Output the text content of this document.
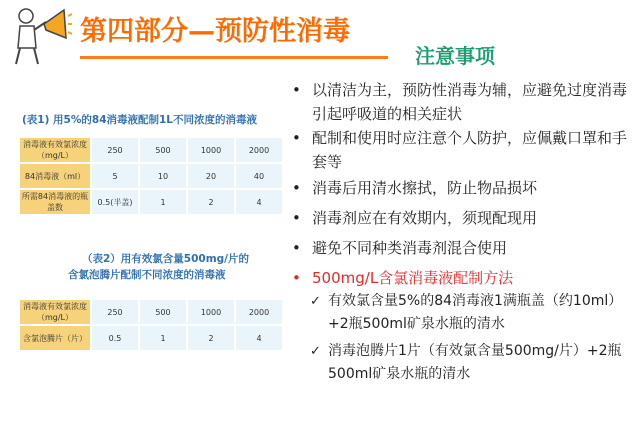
第四部分—预防性消毒
注意事项
(表1) 用5%的84消毒液配制1L不同浓度的消毒液
消毒液有效氯浓度（mg/L）	250	500	1000	2000
84消毒液（ml）	5	10	20	40
所需84消毒液的瓶盖数	0.5(半盖)	1	2	4
（表2）用有效氯含量500mg/片的
含氯泡腾片配制不同浓度的消毒液
消毒液有效氯浓度（mg/L）	250	500	1000	2000
含氯泡腾片（片）	0.5	1	2	4
• 以清洁为主，预防性消毒为辅，应避免过度消毒引起呼吸道的相关症状
• 配制和使用时应注意个人防护，应佩戴口罩和手套等
• 消毒后用清水擦拭，防止物品损坏
• 消毒剂应在有效期内，须现配现用
• 避免不同种类消毒剂混合使用
• 500mg/L含氯消毒液配制方法
✓ 有效氯含量5%的84消毒液1满瓶盖（约10ml）+2瓶500ml矿泉水瓶的清水
✓ 消毒泡腾片1片（有效氯含量500mg/片）+2瓶500ml矿泉水瓶的清水
